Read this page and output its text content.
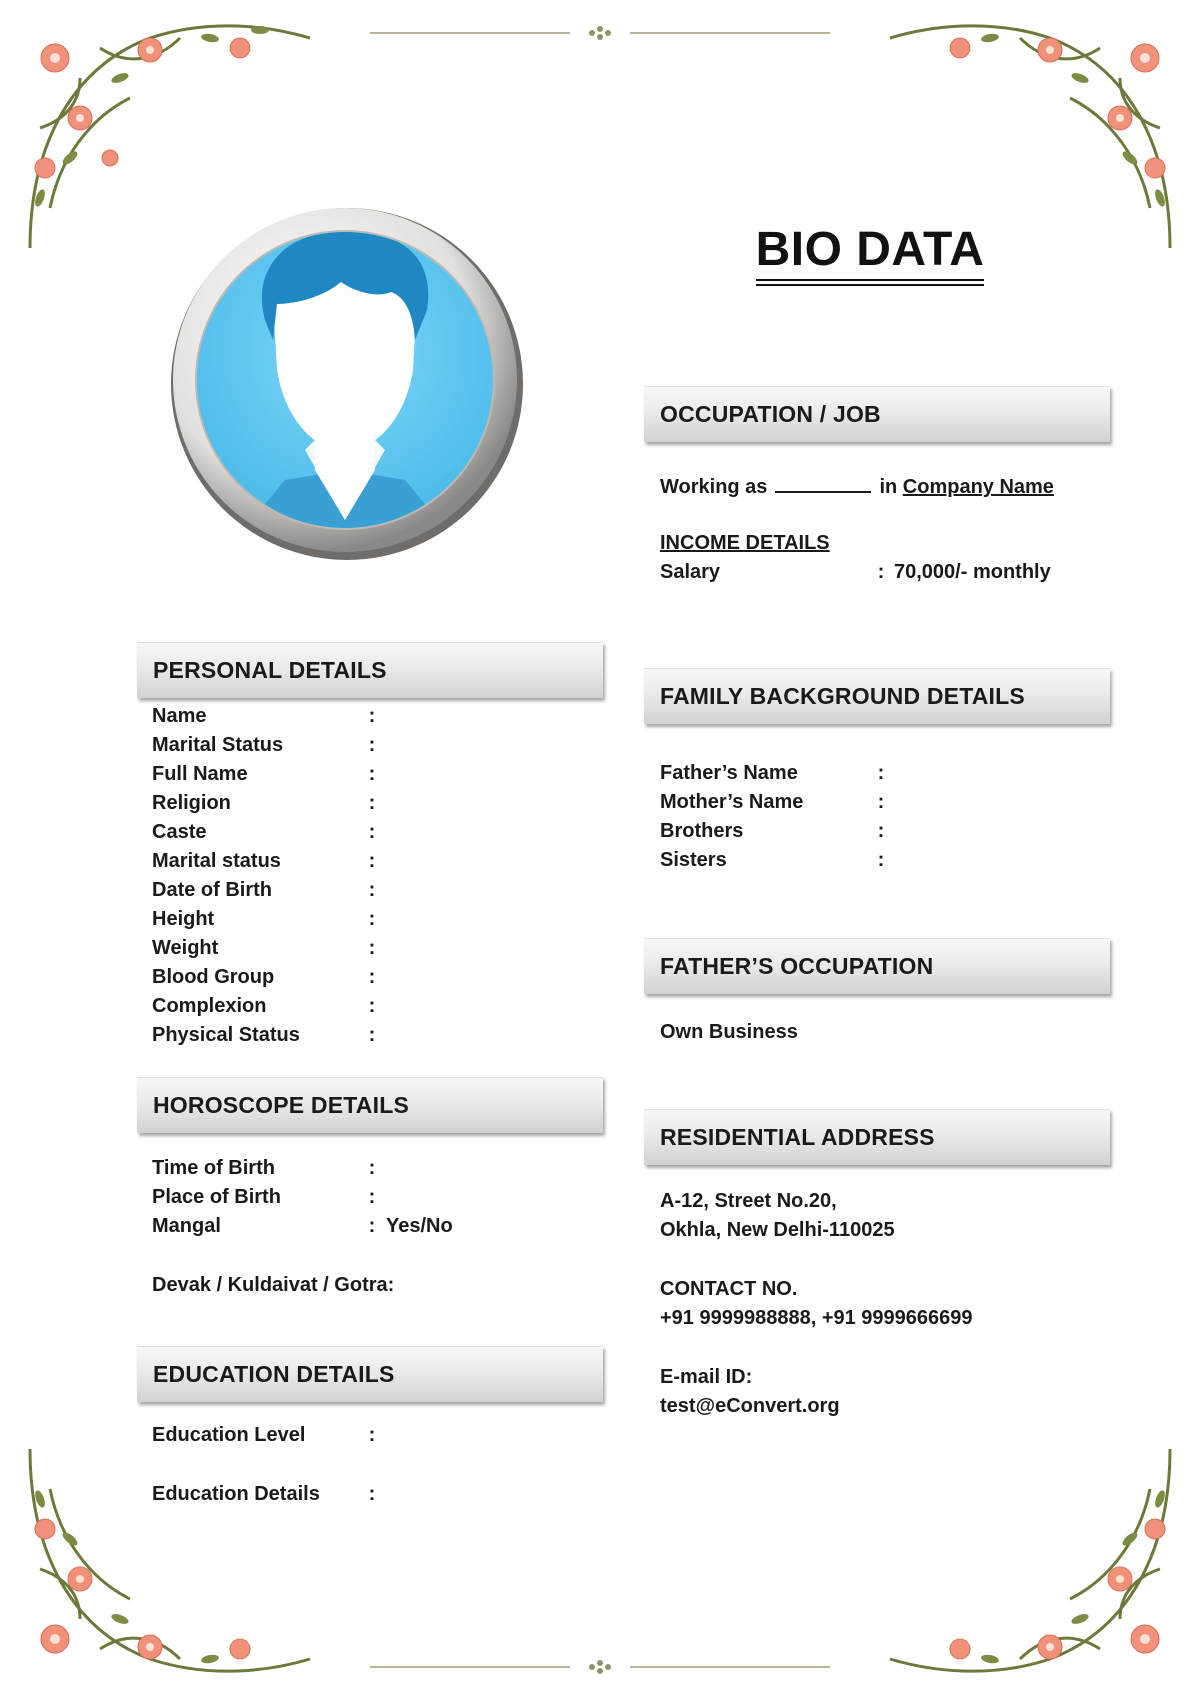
BIO DATA
OCCUPATION / JOB
Working as	in Company Name
INCOME DETAILS
Salary	: 70,000/- monthly
PERSONAL DETAILS
Name	:
Marital Status	:
Full Name	:
Religion	:
Caste	:
Marital status	:
Date of Birth	:
Height	:
Weight	:
Blood Group	:
Complexion	:
Physical Status	:
HOROSCOPE DETAILS
Time of Birth	:
Place of Birth	:
Mangal	: Yes/No
Devak / Kuldaivat / Gotra:
EDUCATION DETAILS
Education Level	:
Education Details :
FAMILY BACKGROUND DETAILS
Father’s Name	:
Mother’s Name	:
Brothers	:
Sisters	:
FATHER’S OCCUPATION
Own Business
RESIDENTIAL ADDRESS
A-12, Street No.20,
Okhla, New Delhi-110025
CONTACT NO.
+91 9999988888, +91 9999666699
E-mail ID:
test@eConvert.org
